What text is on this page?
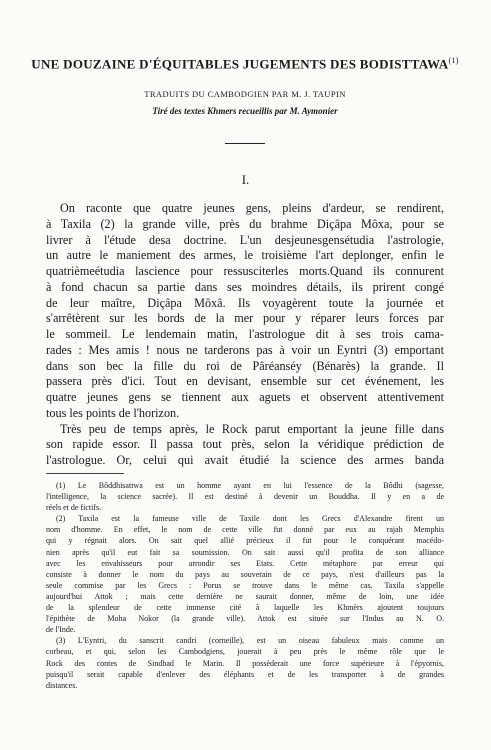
UNE DOUZAINE D'ÉQUITABLES JUGEMENTS DES BODISTTAWA$^{(1)}$
TRADUITS DU CAMBODGIEN PAR M. J. TAUPIN
Tiré des textes Khmers recueillis par M. Aymonier
I.
On raconte que quatre jeunes gens, pleins d'ardeur, se rendirent,
à Taxila (2) la grande ville, près du brahme Diçâpa Môxa, pour se
livrer à l'étude desa doctrine. L'un desjeunesgensétudia l'astrologie,
un autre le maniement des armes, le troisième l'art deplonger, enfin le
quatrièmeétudia lascience pour ressusciterles morts.Quand ils connurent
à fond chacun sa partie dans ses moindres détails, ils prirent congé
de leur maître, Diçâpa Môxâ. Ils voyagèrent toute la journée et
s'arrêtèrent sur les bords de la mer pour y réparer leurs forces par
le sommeil. Le lendemain matin, l'astrologue dit à ses trois cama-
rades : Mes amis ! nous ne tarderons pas à voir un Eyntri (3) emportant
dans son bec la fille du roi de Pâréanséy (Bénarès) la grande. Il
passera près d'ici. Tout en devisant, ensemble sur cet événement, les
quatre jeunes gens se tiennent aux aguets et observent attentivement
tous les points de l'horizon.
Très peu de temps après, le Rock parut emportant la jeune fille dans
son rapide essor. Il passa tout près, selon la véridique prédiction de
l'astrologue. Or, celui qui avait étudié la science des armes banda
(1) Le Bôddhisattwa est un homme ayant en lui l'essence de la Bôdhi (sagesse,
l'intelligence, la science sacrée). Il est destiné à devenir un Bouddha. Il y en a de
réels et de fictifs.
(2) Taxila est la fameuse ville de Taxile dont les Grecs d'Alexandre firent un
nom d'homme. En effet, le nom de cette ville fut donné par eux au rajah Memphis
qui y régnait alors. On sait quel allié précieux il fut pour le conquérant macédo-
nien après qu'il eut fait sa soumission. On sait aussi qu'il profita de son alliance
avec les envahisseurs pour arrondir ses Etats. Cette métaphore par erreur qui
consiste à donner le nom du pays au souverain de ce pays, n'est d'ailleurs pas la
seule commise par les Grecs : Porus se trouve dans le même cas. Taxila s'appelle
aujourd'hui Attok ; mais cette dernière ne saurait donner, même de loin, une idée
de la splendeur de cette immense cité à laquelle les Khmèrs ajoutent toujours
l'épithète de Moha Nokor (la grande ville). Attok est située sur l'Indus au N. O.
de l'Inde.
(3) L'Eyntri, du sanscrit candri (corneille), est un oiseau fabuleux mais comme un
corbeau, et qui, selon les Cambodgiens, jouerait à peu près le même rôle que le
Rock des contes de Sindbad le Marin. Il possèderait une force supérieure à l'épyornis,
puisqu'il serait capable d'enlever des éléphants et de les transporter à de grandes
distances.
